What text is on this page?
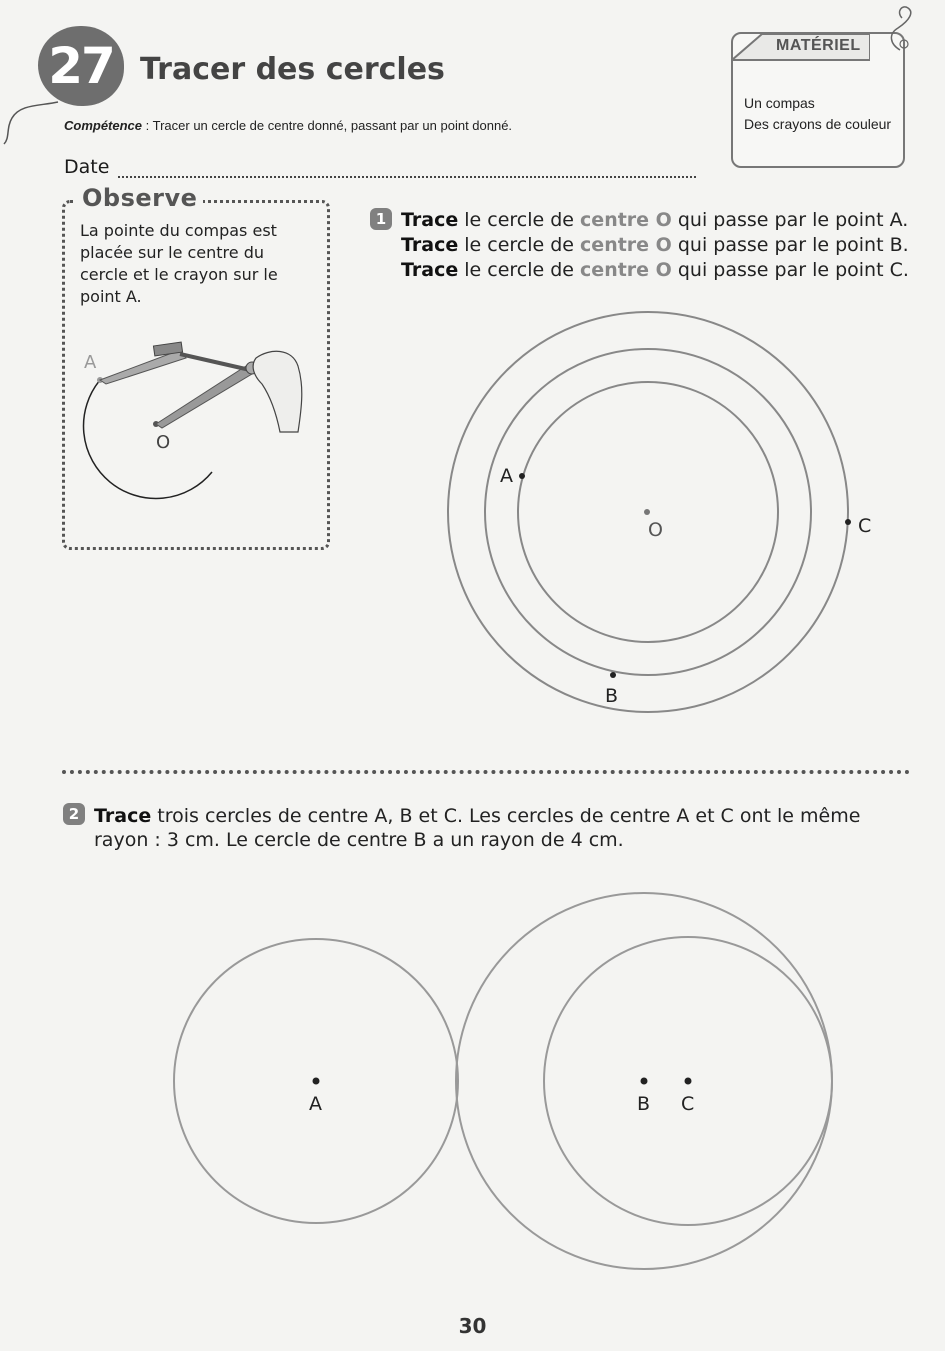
27 Tracer des cercles
Compétence : Tracer un cercle de centre donné, passant par un point donné.
MATÉRIEL
Un compas
Des crayons de couleur
Date
Observe
La pointe du compas est placée sur le centre du cercle et le crayon sur le point A.
A
O
1 Trace le cercle de centre O qui passe par le point A.
Trace le cercle de centre O qui passe par le point B.
Trace le cercle de centre O qui passe par le point C.
A
B
C
O
2 Trace trois cercles de centre A, B et C. Les cercles de centre A et C ont le même rayon : 3 cm. Le cercle de centre B a un rayon de 4 cm.
A	B C
30
